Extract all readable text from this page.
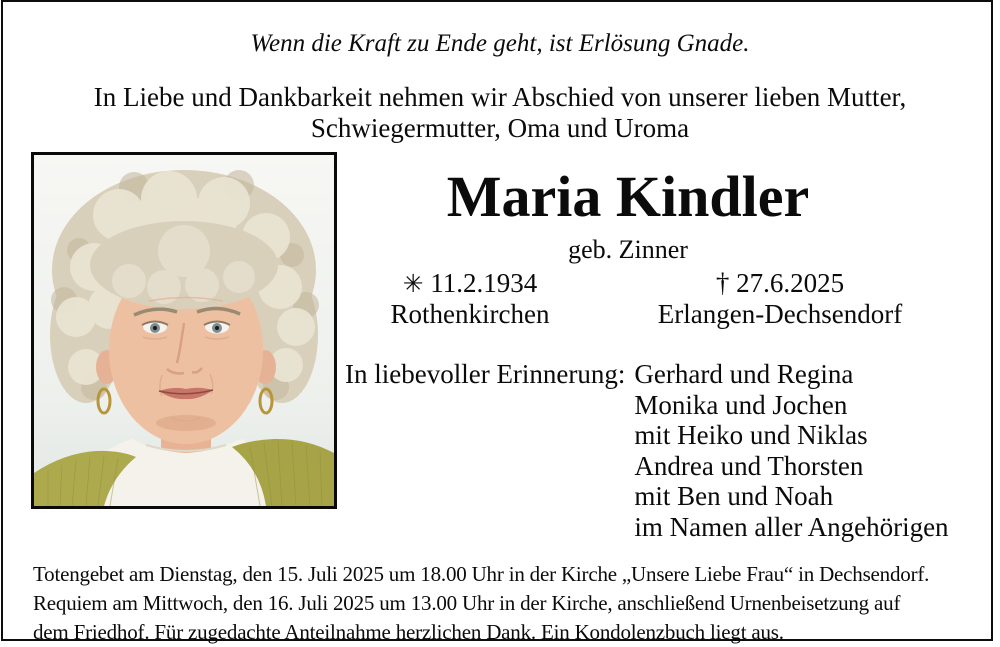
Wenn die Kraft zu Ende geht, ist Erlösung Gnade.
In Liebe und Dankbarkeit nehmen wir Abschied von unserer lieben Mutter,
Schwiegermutter, Oma und Uroma
Maria Kindler
geb. Zinner
✳ 11.2.1934
Rothenkirchen
† 27.6.2025
Erlangen-Dechsendorf
In liebevoller Erinnerung: Gerhard und Regina
Monika und Jochen
mit Heiko und Niklas
Andrea und Thorsten
mit Ben und Noah
im Namen aller Angehörigen
Totengebet am Dienstag, den 15. Juli 2025 um 18.00 Uhr in der Kirche „Unsere Liebe Frau“ in Dechsendorf.
Requiem am Mittwoch, den 16. Juli 2025 um 13.00 Uhr in der Kirche, anschließend Urnenbeisetzung auf
dem Friedhof. Für zugedachte Anteilnahme herzlichen Dank. Ein Kondolenzbuch liegt aus.
